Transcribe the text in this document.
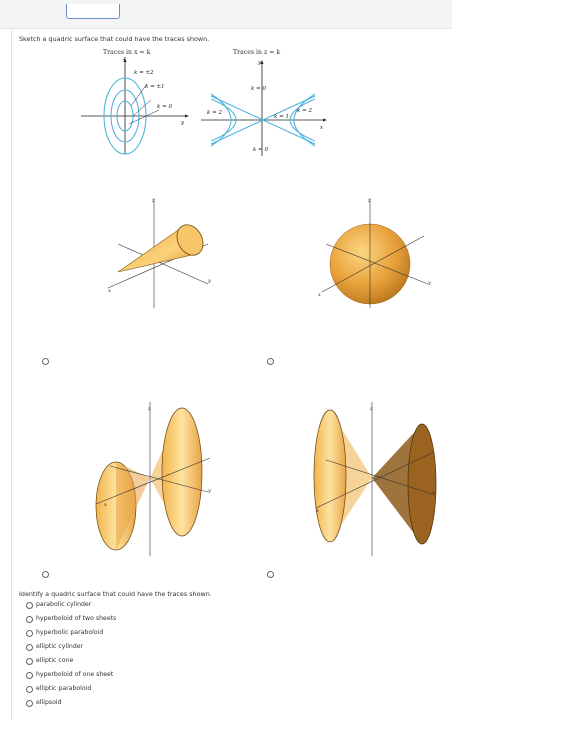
Sketch a quadric surface that could have the traces shown.
Traces in x = k	Traces in z = k
z
y
k = ±2
k = ±1
k = 0
y
x
k = 0
k = 0
k = 2	k = 2
k = 1
z
x
y
z
x
y
z
x
y
z
x
y
Identify a quadric surface that could have the traces shown.
parabolic cylinder
hyperboloid of two sheets
hyperbolic paraboloid
elliptic cylinder
elliptic cone
hyperboloid of one sheet
elliptic paraboloid
ellipsoid
